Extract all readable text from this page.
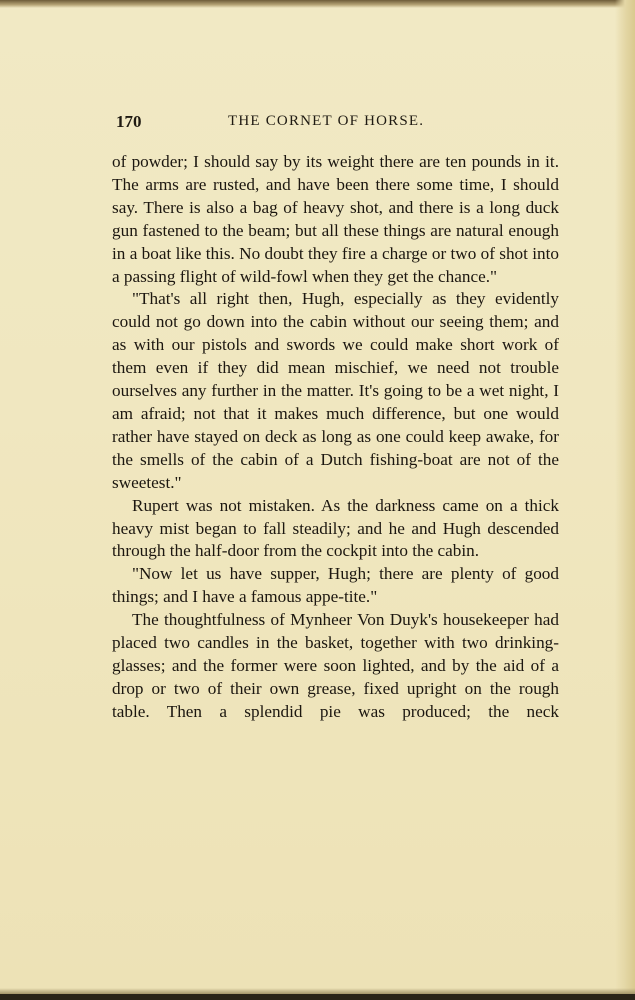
170	THE CORNET OF HORSE.

of powder; I should say by its weight there are ten pounds in it. The arms are rusted, and have been there some time, I should say. There is also a bag of heavy shot, and there is a long duck gun fastened to the beam; but all these things are natural enough in a boat like this. No doubt they fire a charge or two of shot into a passing flight of wild-fowl when they get the chance."

"That's all right then, Hugh, especially as they evidently could not go down into the cabin without our seeing them; and as with our pistols and swords we could make short work of them even if they did mean mischief, we need not trouble ourselves any further in the matter. It's going to be a wet night, I am afraid; not that it makes much difference, but one would rather have stayed on deck as long as one could keep awake, for the smells of the cabin of a Dutch fishing-boat are not of the sweetest."

Rupert was not mistaken. As the darkness came on a thick heavy mist began to fall steadily; and he and Hugh descended through the half-door from the cockpit into the cabin.

"Now let us have supper, Hugh; there are plenty of good things; and I have a famous appe-tite."

The thoughtfulness of Mynheer Von Duyk's housekeeper had placed two candles in the basket, together with two drinking-glasses; and the former were soon lighted, and by the aid of a drop or two of their own grease, fixed upright on the rough table. Then a splendid pie was produced; the neck
